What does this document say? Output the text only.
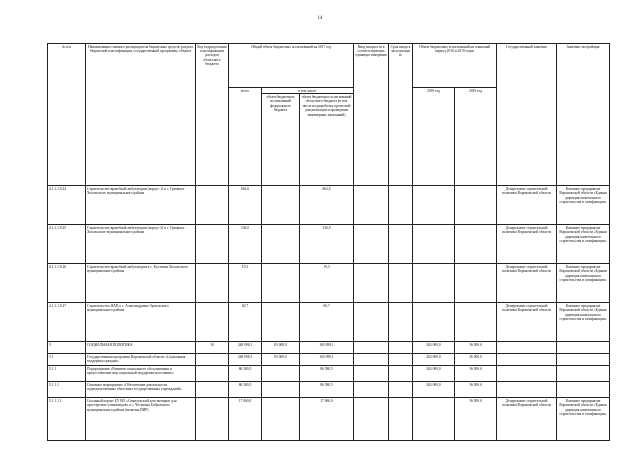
14
№ п/п	Наименование главного распорядителя бюджетных средств, раздела бюджетной классификации, государственной программы, объекта	Код подразделения классификации расходов областного бюджета	Общий объем бюджетных ассигнований на 2017 год			Ввод мощности в соответствующих единицах измерения	Срок ввода в эксплуатацию	Объем бюджетных ассигнований на плановый период 2018 и 2019 годов		Государственный заказчик	Заказчик-застройщик
			всего	в том числе:				2018 год	2019 год		
				объем бюджетных ассигнований федерального бюджета	объем бюджетных ассигнований областного бюджета (в том числе на разработку проектной документации и проведение инженерных изысканий)						
4.1.1.1.8.24	Строительство врачебной амбулатории (корпус 1) в с. Гремячье Хохольского муниципального района		662,6		662,6					Департамент строительной политики Воронежской области	Казенное предприятие Воронежской области «Единая дирекция капитального строительства и газификации»
4.1.1.1.8.25	Строительство врачебной амбулатории (корпус 2) в с. Гремячье Хохольского муниципального района		136,0		136,0					Департамент строительной политики Воронежской области	Казенное предприятие Воронежской области «Единая дирекция капитального строительства и газификации»
4.1.1.1.8.26	Строительство врачебной амбулатории в с. Костенки Хохольского муниципального района		19,3		19,3					Департамент строительной политики Воронежской области	Казенное предприятие Воронежской области «Единая дирекция капитального строительства и газификации»
4.1.1.1.8.27	Строительство ФАП в с. Александровка Эртильского муниципального района		60,7		60,7					Департамент строительной политики Воронежской области	Казенное предприятие Воронежской области «Единая дирекция капитального строительства и газификации»
5	СОЦИАЛЬНАЯ ПОЛИТИКА	10	248 098,1	83 000,0	165 098,1			202 000,0	36 000,0		
5.1	Государственная программа Воронежской области «Социальная поддержка граждан»		248 098,1	83 000,0	165 098,1			202 000,0	36 000,0		
5.1.1	Подпрограмма «Развитие социального обслуживания и предоставление мер социальной поддержки населению»		86 580,5		86 580,5			202 000,0	36 000,0		
5.1.1.1	Основное мероприятие «Обеспечение деятельности подведомственных областных государственных учреждений»		86 580,5		86 580,5			202 000,0	36 000,0		
5.1.1.1.1	Спальный корпус БУ ВО «Семилукский дом-интернат для престарелых и инвалидов» в с. Чесменка Бобровского муниципального района (включая ПИР)		17 060,0		17 060,0				36 000,0	Департамент строительной политики Воронежской области	Казенное предприятие Воронежской области «Единая дирекция капитального строительства и газификации»
